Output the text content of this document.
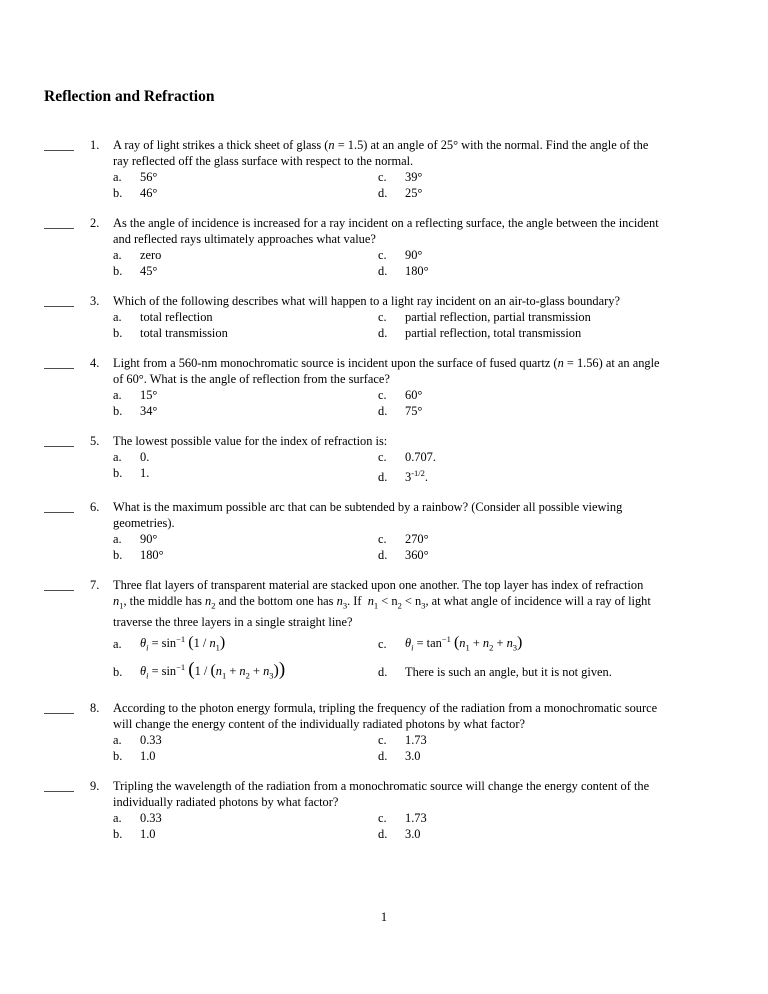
Reflection and Refraction
1.	A ray of light strikes a thick sheet of glass (n = 1.5) at an angle of 25° with the normal. Find the angle of the
ray reflected off the glass surface with respect to the normal.
a.	56°	c.	39°
b.	46°	d.	25°
2.	As the angle of incidence is increased for a ray incident on a reflecting surface, the angle between the incident
and reflected rays ultimately approaches what value?
a.	zero	c.	90°
b.	45°	d.	180°
3.	Which of the following describes what will happen to a light ray incident on an air-to-glass boundary?
a.	total reflection	c.	partial reflection, partial transmission
b.	total transmission	d.	partial reflection, total transmission
4.	Light from a 560-nm monochromatic source is incident upon the surface of fused quartz (n = 1.56) at an angle
of 60°. What is the angle of reflection from the surface?
a.	15°	c.	60°
b.	34°	d.	75°
5.	The lowest possible value for the index of refraction is:
a.	0.	c.	0.707.
b.	1.	d.	$3^{-1/2}$.
6.	What is the maximum possible arc that can be subtended by a rainbow? (Consider all possible viewing
geometries).
a.	90°	c.	270°
b.	180°	d.	360°
7.	Three flat layers of transparent material are stacked upon one another. The top layer has index of refraction
$n_1$, the middle has $n_2$ and the bottom one has $n_3$. If  $n_1 < n_2 < n_3$, at what angle of incidence will a ray of light
traverse the three layers in a single straight line?
a.	$\theta_i = \sin^{-1} (1 / n_1)$	c.	$\theta_i = \tan^{-1} (n_1 + n_2 + n_3)$
b.	$\theta_i = \sin^{-1} (1 / (n_1 + n_2 + n_3))$	d.	There is such an angle, but it is not given.
8.	According to the photon energy formula, tripling the frequency of the radiation from a monochromatic source
will change the energy content of the individually radiated photons by what factor?
a.	0.33	c.	1.73
b.	1.0	d.	3.0
9.	Tripling the wavelength of the radiation from a monochromatic source will change the energy content of the
individually radiated photons by what factor?
a.	0.33	c.	1.73
b.	1.0	d.	3.0
1
